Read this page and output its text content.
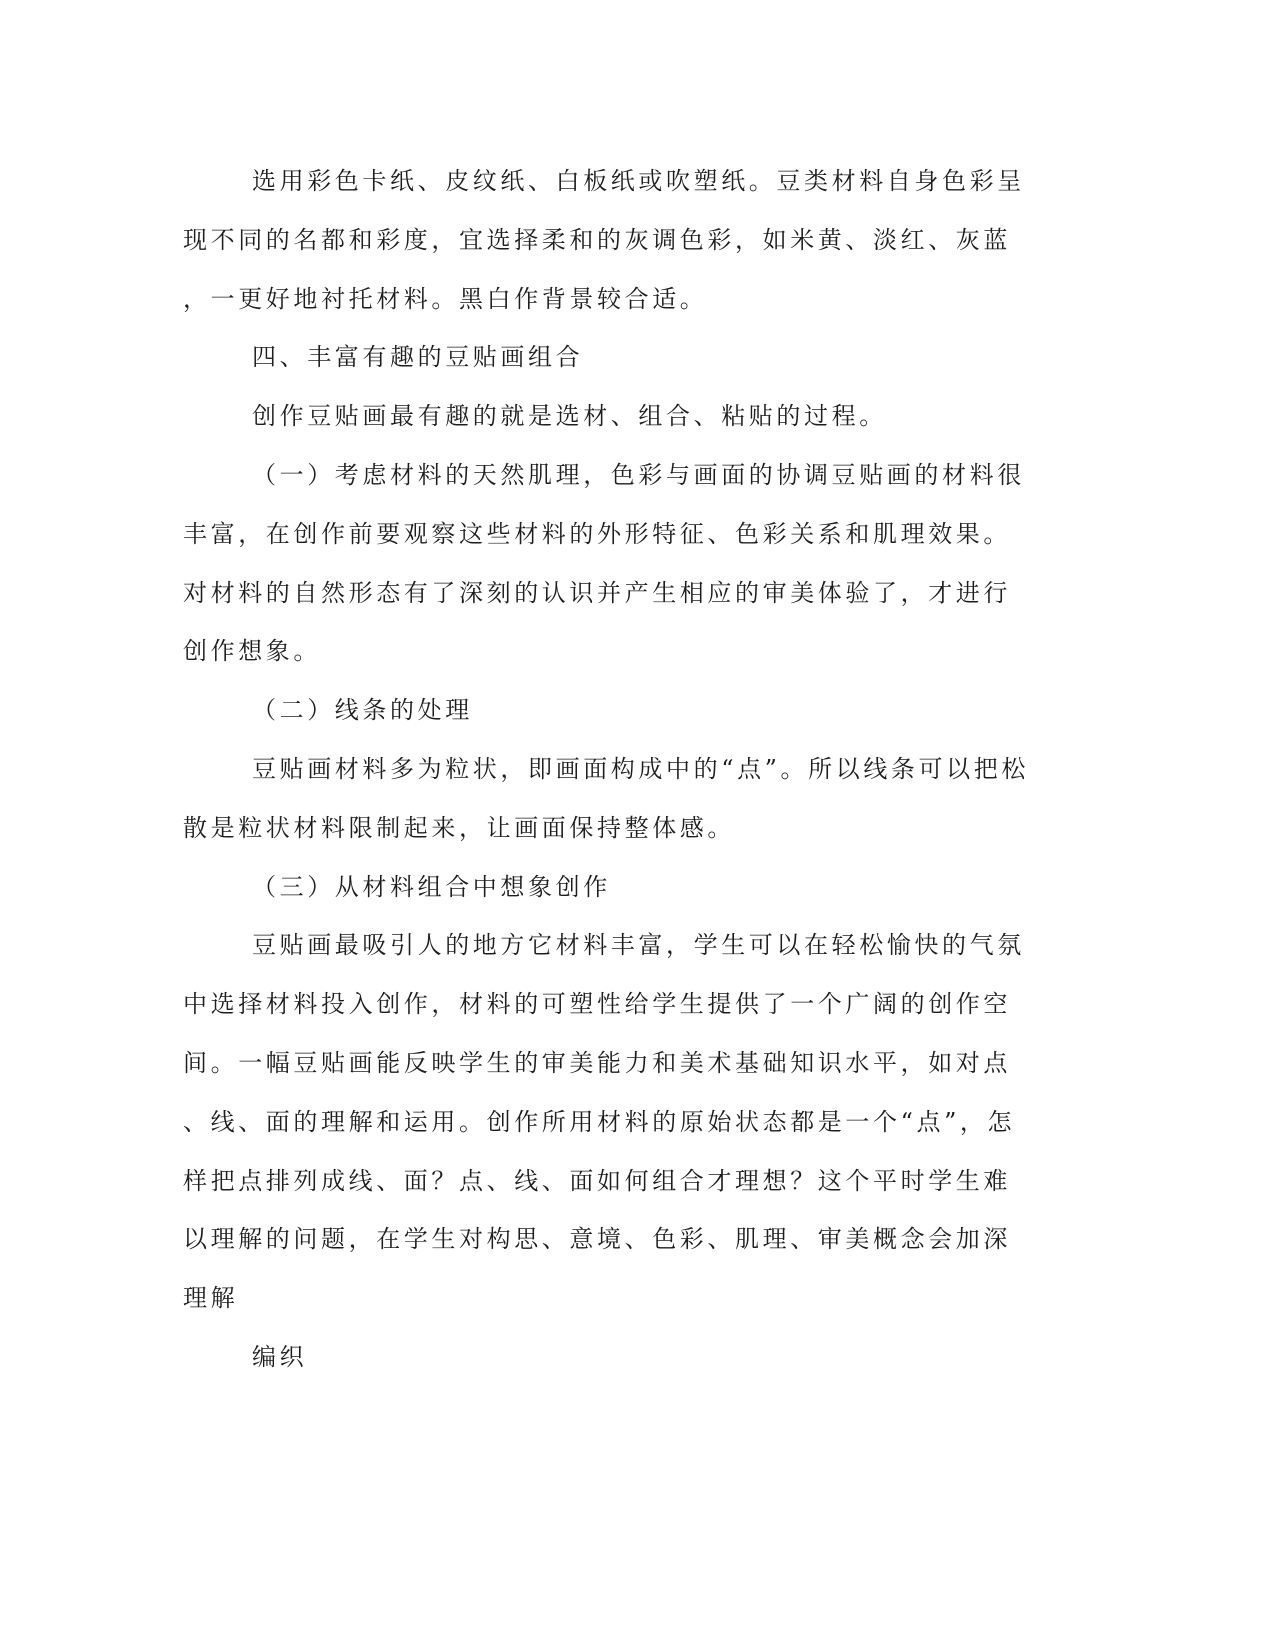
选用彩色卡纸、皮纹纸、白板纸或吹塑纸。豆类材料自身色彩呈
现不同的名都和彩度，宜选择柔和的灰调色彩，如米黄、淡红、灰蓝
，一更好地衬托材料。黑白作背景较合适。
四、丰富有趣的豆贴画组合
创作豆贴画最有趣的就是选材、组合、粘贴的过程。
（一）考虑材料的天然肌理，色彩与画面的协调豆贴画的材料很
丰富，在创作前要观察这些材料的外形特征、色彩关系和肌理效果。
对材料的自然形态有了深刻的认识并产生相应的审美体验了，才进行
创作想象。
（二）线条的处理
豆贴画材料多为粒状，即画面构成中的“点”。所以线条可以把松
散是粒状材料限制起来，让画面保持整体感。
（三）从材料组合中想象创作
豆贴画最吸引人的地方它材料丰富，学生可以在轻松愉快的气氛
中选择材料投入创作，材料的可塑性给学生提供了一个广阔的创作空
间。一幅豆贴画能反映学生的审美能力和美术基础知识水平，如对点
、线、面的理解和运用。创作所用材料的原始状态都是一个“点”，怎
样把点排列成线、面？点、线、面如何组合才理想？这个平时学生难
以理解的问题，在学生对构思、意境、色彩、肌理、审美概念会加深
理解
编织
